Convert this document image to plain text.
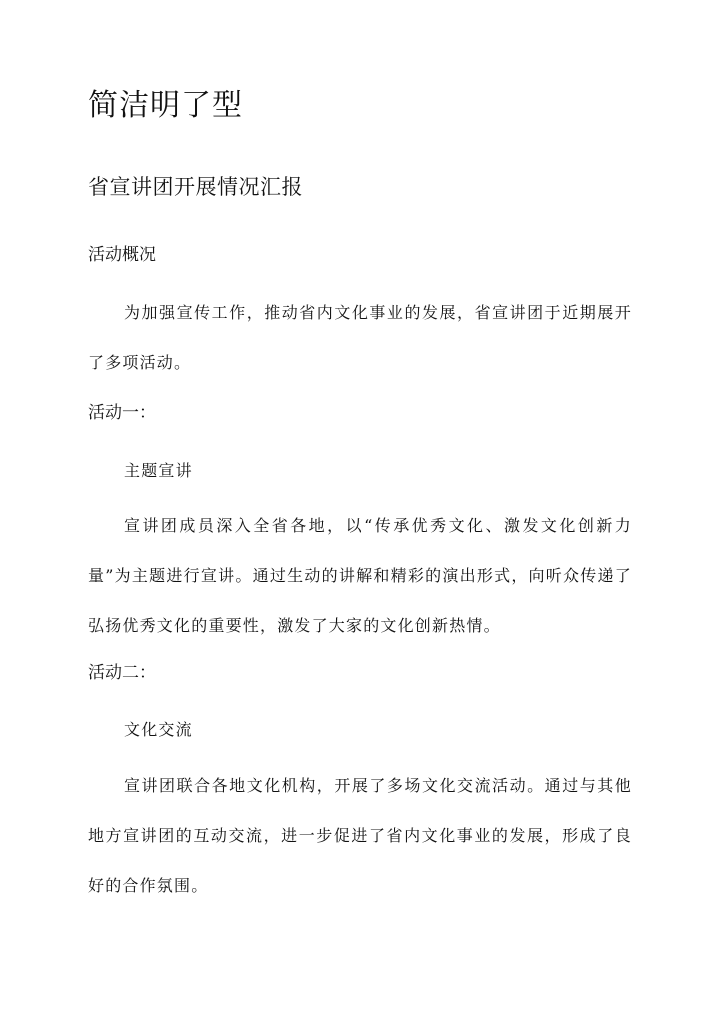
简洁明了型
省宣讲团开展情况汇报
活动概况

为加强宣传工作，推动省内文化事业的发展，省宣讲团于近期展开了多项活动。

活动一：

主题宣讲

宣讲团成员深入全省各地，以“传承优秀文化、激发文化创新力量”为主题进行宣讲。通过生动的讲解和精彩的演出形式，向听众传递了弘扬优秀文化的重要性，激发了大家的文化创新热情。

活动二：

文化交流

宣讲团联合各地文化机构，开展了多场文化交流活动。通过与其他地方宣讲团的互动交流，进一步促进了省内文化事业的发展，形成了良好的合作氛围。
